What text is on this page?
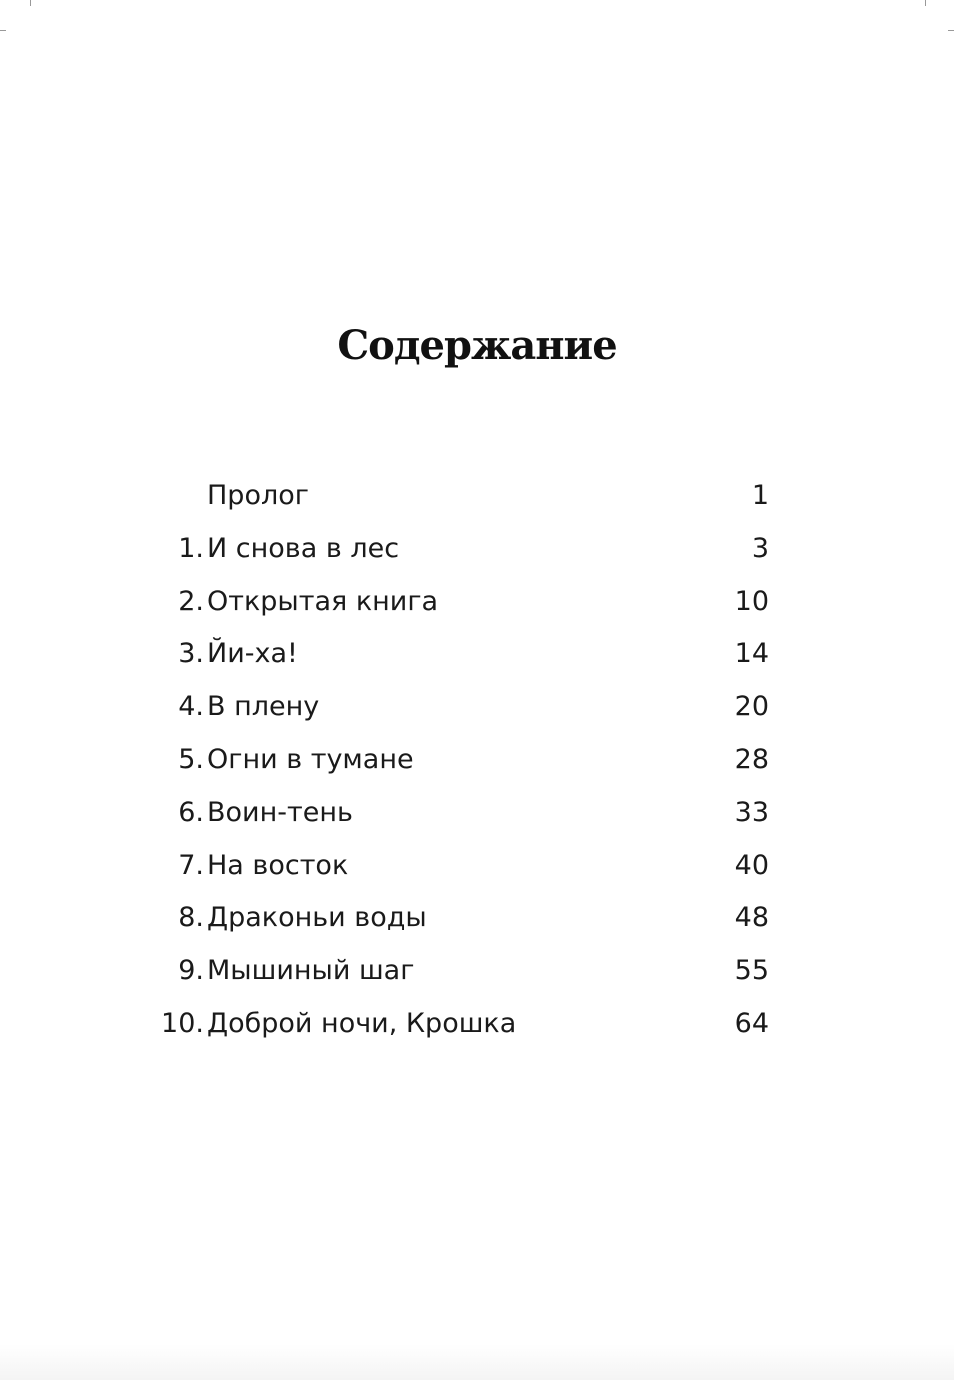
Содержание
Пролог	1
1. И снова в лес	3
2. Открытая книга	10
3. Йи-ха!	14
4. В плену	20
5. Огни в тумане	28
6. Воин-тень	33
7. На восток	40
8. Драконьи воды	48
9. Мышиный шаг	55
10. Доброй ночи, Крошка	64
